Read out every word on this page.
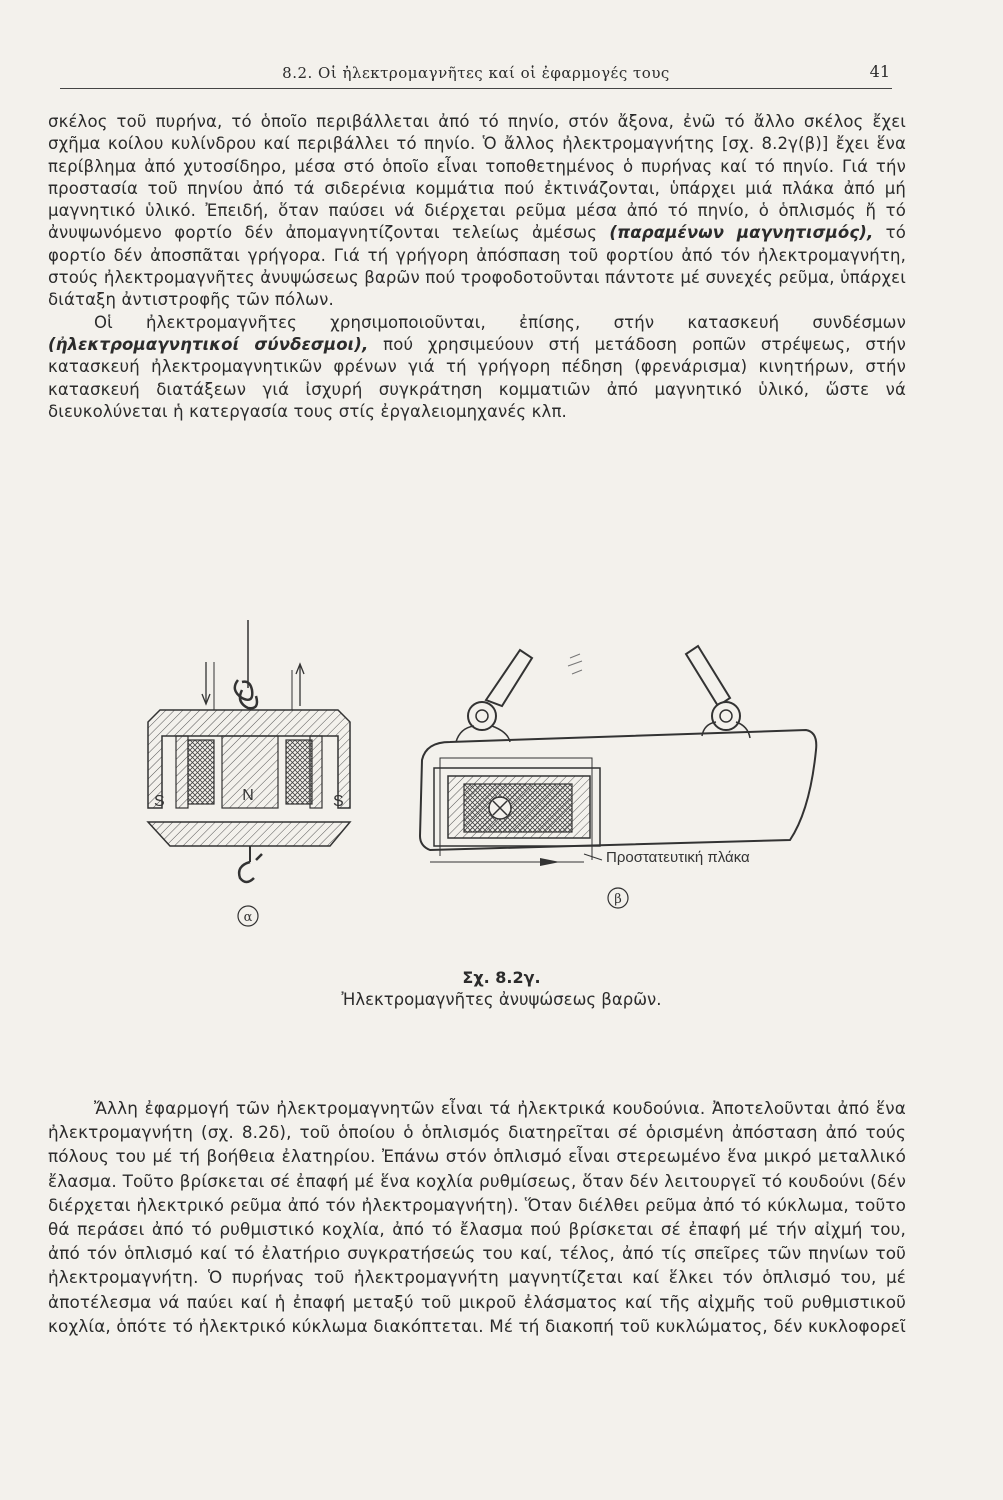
8.2. Οἱ ἠλεκτρομαγνῆτες καί οἱ ἐφαρμογές τους	41

σκέλος τοῦ πυρήνα, τό ὁποῖο περιβάλλεται ἀπό τό πηνίο, στόν ἄξονα, ἐνῶ τό ἄλλο σκέλος ἔχει σχῆμα κοίλου κυλίνδρου καί περιβάλλει τό πηνίο. Ὁ ἄλλος ἠλεκτρομαγνήτης [σχ. 8.2γ(β)] ἔχει ἕνα περίβλημα ἀπό χυτοσίδηρο, μέσα στό ὁποῖο εἶναι τοποθετημένος ὁ πυρήνας καί τό πηνίο. Γιά τήν προστασία τοῦ πηνίου ἀπό τά σιδερένια κομμάτια πού ἐκτινάζονται, ὑπάρχει μιά πλάκα ἀπό μή μαγνητικό ὑλικό. Ἐπειδή, ὅταν παύσει νά διέρχεται ρεῦμα μέσα ἀπό τό πηνίο, ὁ ὁπλισμός ἤ τό ἀνυψωνόμενο φορτίο δέν ἀπομαγνητίζονται τελείως ἀμέσως (παραμένων μαγνητισμός), τό φορτίο δέν ἀποσπᾶται γρήγορα. Γιά τή γρήγορη ἀπόσπαση τοῦ φορτίου ἀπό τόν ἠλεκτρομαγνήτη, στούς ἠλεκτρομαγνῆτες ἀνυψώσεως βαρῶν πού τροφοδοτοῦνται πάντοτε μέ συνεχές ρεῦμα, ὑπάρχει διάταξη ἀντιστροφῆς τῶν πόλων.

Οἱ ἠλεκτρομαγνῆτες χρησιμοποιοῦνται, ἐπίσης, στήν κατασκευή συνδέσμων (ἠλεκτρομαγνητικοί σύνδεσμοι), πού χρησιμεύουν στή μετάδοση ροπῶν στρέψεως, στήν κατασκευή ἠλεκτρομαγνητικῶν φρένων γιά τή γρήγορη πέδηση (φρενάρισμα) κινητήρων, στήν κατασκευή διατάξεων γιά ἰσχυρή συγκράτηση κομματιῶν ἀπό μαγνητικό ὑλικό, ὥστε νά διευκολύνεται ἡ κατεργασία τους στίς ἐργαλειομηχανές κλπ.

S	N	S
α
Προστατευτική πλάκα
β
Σχ. 8.2γ.
Ἠλεκτρομαγνῆτες ἀνυψώσεως βαρῶν.

Ἄλλη ἐφαρμογή τῶν ἠλεκτρομαγνητῶν εἶναι τά ἠλεκτρικά κουδούνια. Ἀποτελοῦνται ἀπό ἕνα ἠλεκτρομαγνήτη (σχ. 8.2δ), τοῦ ὁποίου ὁ ὁπλισμός διατηρεῖται σέ ὁρισμένη ἀπόσταση ἀπό τούς πόλους του μέ τή βοήθεια ἐλατηρίου. Ἐπάνω στόν ὁπλισμό εἶναι στερεωμένο ἕνα μικρό μεταλλικό ἔλασμα. Τοῦτο βρίσκεται σέ ἐπαφή μέ ἕνα κοχλία ρυθμίσεως, ὅταν δέν λειτουργεῖ τό κουδούνι (δέν διέρχεται ἠλεκτρικό ρεῦμα ἀπό τόν ἠλεκτρομαγνήτη). Ὅταν διέλθει ρεῦμα ἀπό τό κύκλωμα, τοῦτο θά περάσει ἀπό τό ρυθμιστικό κοχλία, ἀπό τό ἔλασμα πού βρίσκεται σέ ἐπαφή μέ τήν αἰχμή του, ἀπό τόν ὁπλισμό καί τό ἐλατήριο συγκρατήσεώς του καί, τέλος, ἀπό τίς σπεῖρες τῶν πηνίων τοῦ ἠλεκτρομαγνήτη. Ὁ πυρήνας τοῦ ἠλεκτρομαγνήτη μαγνητίζεται καί ἕλκει τόν ὁπλισμό του, μέ ἀποτέλεσμα νά παύει καί ἡ ἐπαφή μεταξύ τοῦ μικροῦ ἐλάσματος καί τῆς αἰχμῆς τοῦ ρυθμιστικοῦ κοχλία, ὁπότε τό ἠλεκτρικό κύκλωμα διακόπτεται. Μέ τή διακοπή τοῦ κυκλώματος, δέν κυκλοφορεῖ
